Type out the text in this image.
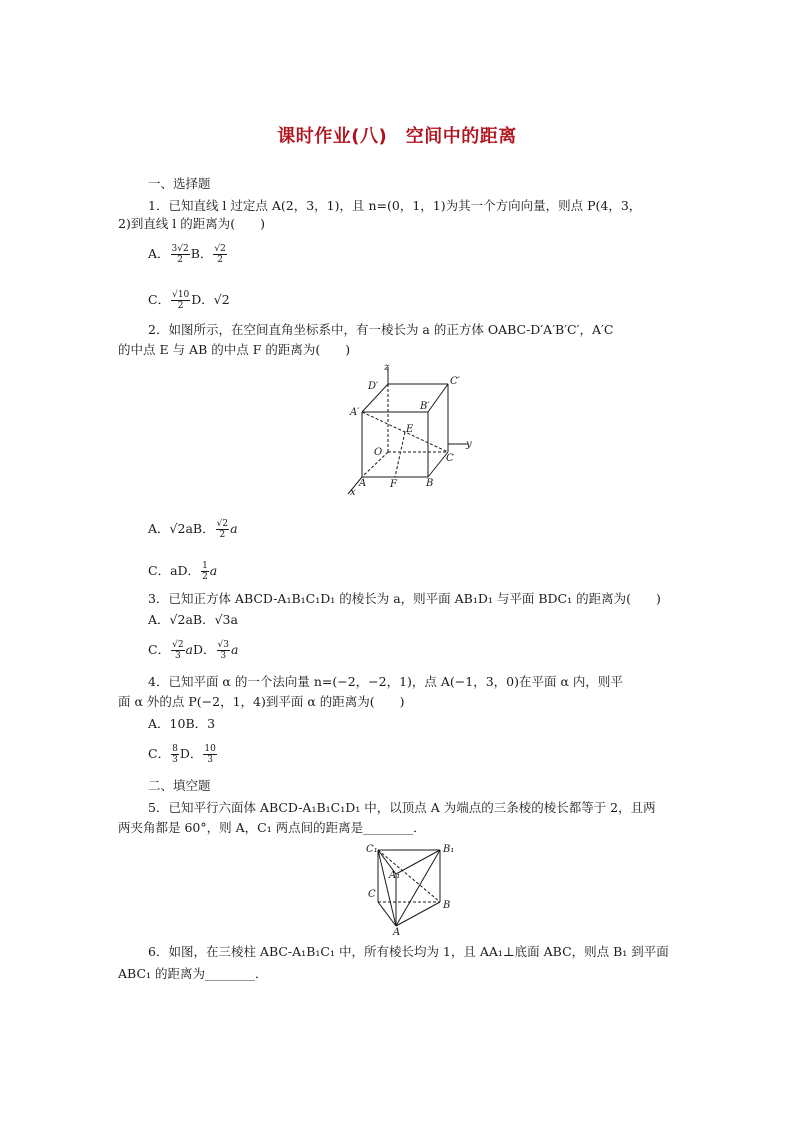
课时作业(八)　空间中的距离
一、选择题
1．已知直线 l 过定点 A(2，3，1)，且 n=(0，1，1)为其一个方向向量，则点 P(4，3，
2)到直线 l 的距离为(　　)
A． $\frac{3√2}{2}$ B． $\frac{√2}{2}$
C． $\frac{√10}{2}$ D．√2
2．如图所示，在空间直角坐标系中，有一棱长为 a 的正方体 OABC-D′A′B′C′，A′C
的中点 E 与 AB 的中点 F 的距离为(　　)
z
D′	C′
A′
B′
E
O
y
C
A F	B
x
A．√2aB． $\frac{√2}{2}$ a
C．aD． $\frac{1}{2}$ a
3．已知正方体 ABCD-A₁B₁C₁D₁ 的棱长为 a，则平面 AB₁D₁ 与平面 BDC₁ 的距离为(　　)
A．√2aB．√3a
C． $\frac{√2}{3}$ aD． $\frac{√3}{3}$ a
4．已知平面 α 的一个法向量 n=(−2，−2，1)，点 A(−1，3，0)在平面 α 内，则平
面 α 外的点 P(−2，1，4)到平面 α 的距离为(　　)
A．10B．3
C． $\frac{8}{3}$ D． $\frac{10}{3}$
二、填空题
5．已知平行六面体 ABCD-A₁B₁C₁D₁ 中，以顶点 A 为端点的三条棱的棱长都等于 2，且两
两夹角都是 60°，则 A，C₁ 两点间的距离是________．
C₁	B₁
A₁
C
B
A
6．如图，在三棱柱 ABC-A₁B₁C₁ 中，所有棱长均为 1，且 AA₁⊥底面 ABC，则点 B₁ 到平面
ABC₁ 的距离为________．
